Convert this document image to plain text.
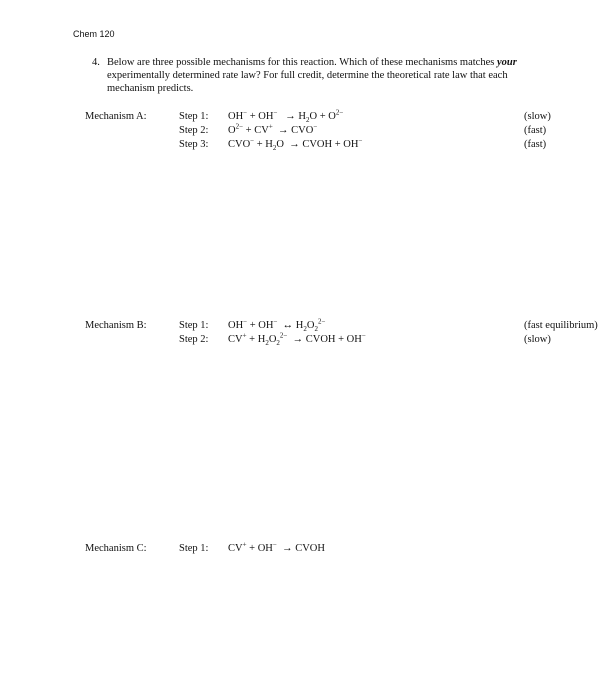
Chem 120
4. Below are three possible mechanisms for this reaction. Which of these mechanisms matches your experimentally determined rate law? For full credit, determine the theoretical rate law that each mechanism predicts.
Mechanism A:	Step 1: $OH^- + OH^- \to H_2O + O^{2-}$	(slow)
Step 2: $O^{2-} + CV^+ \to CVO^-$	(fast)
Step 3: $CVO^- + H_2O$  → CVOH + OH−	(fast)
Mechanism B:	Step 1: OH− + OH−  ↔ $H_2O_2^{2-}$	(fast equilibrium)
Step 2: $CV^+ + H_2O_2^{2-}$  → CVOH + OH−	(slow)
Mechanism C:	Step 1: CV+ + OH−  → CVOH
